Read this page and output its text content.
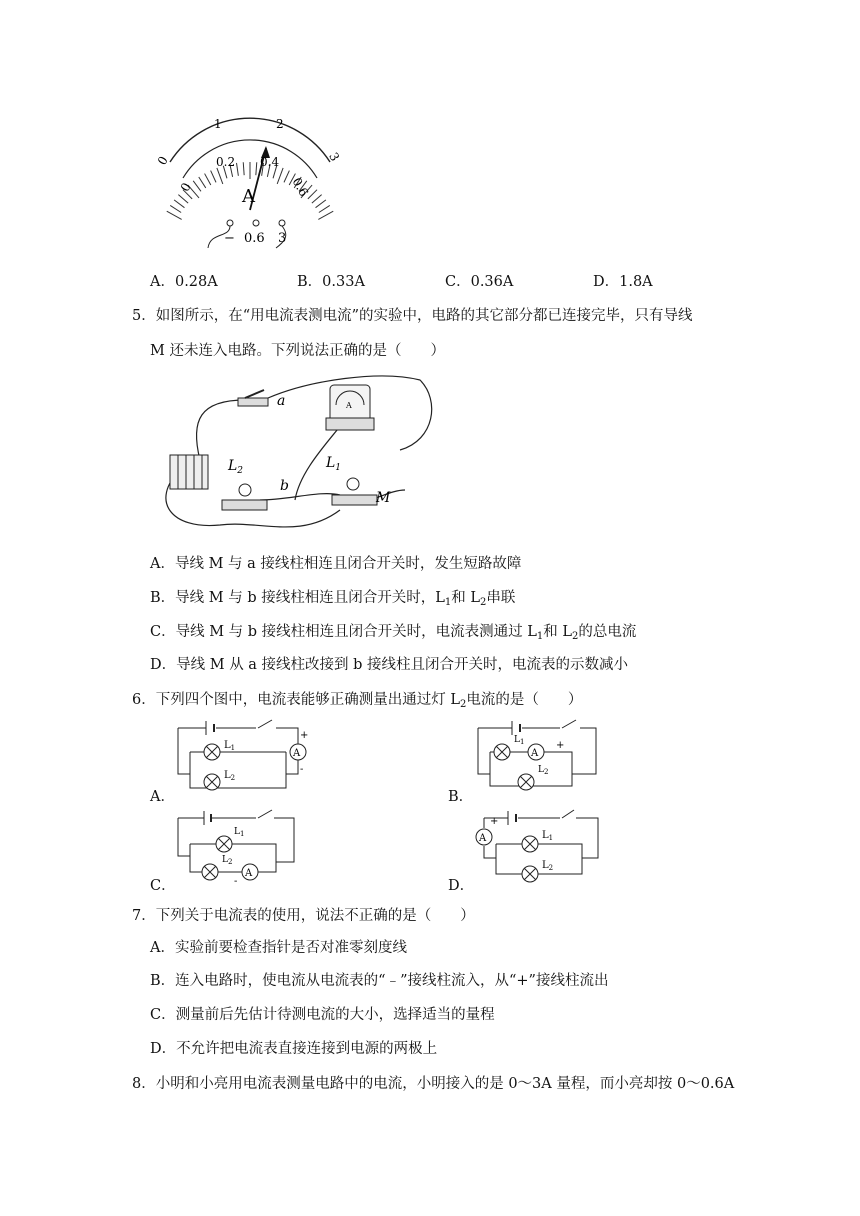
0
1	2
3
0
0.2 0.4
0.6
A
− 0.6 3
A．0.28A	B．0.33A	C．0.36A	D．1.8A
5．如图所示，在“用电流表测电流”的实验中，电路的其它部分都已连接完毕，只有导线
M 还未连入电路。下列说法正确的是（　　）
a	A
$L_2$	$L_1$
b
M
A．导线 M 与 a 接线柱相连且闭合开关时，发生短路故障
B．导线 M 与 b 接线柱相连且闭合开关时，$L_1$和 $L_2$串联
C．导线 M 与 b 接线柱相连且闭合开关时，电流表测通过 $L_1$和 $L_2$的总电流
D．导线 M 从 a 接线柱改接到 b 接线柱且闭合开关时，电流表的示数减小
6．下列四个图中，电流表能够正确测量出通过灯 $L_2$电流的是（　　）
A
+
-
$L_1$
$L_2$
A．
A
+
$L_1$
$L_2$
B．
A
-
$L_1$
$L_2$
C．
A
+
$L_1$
$L_2$
D．
7．下列关于电流表的使用，说法不正确的是（　　）
A．实验前要检查指针是否对准零刻度线
B．连入电路时，使电流从电流表的“﹣”接线柱流入，从“+”接线柱流出
C．测量前后先估计待测电流的大小，选择适当的量程
D．不允许把电流表直接连接到电源的两极上
8．小明和小亮用电流表测量电路中的电流，小明接入的是 0～3A 量程，而小亮却按 0～0.6A
